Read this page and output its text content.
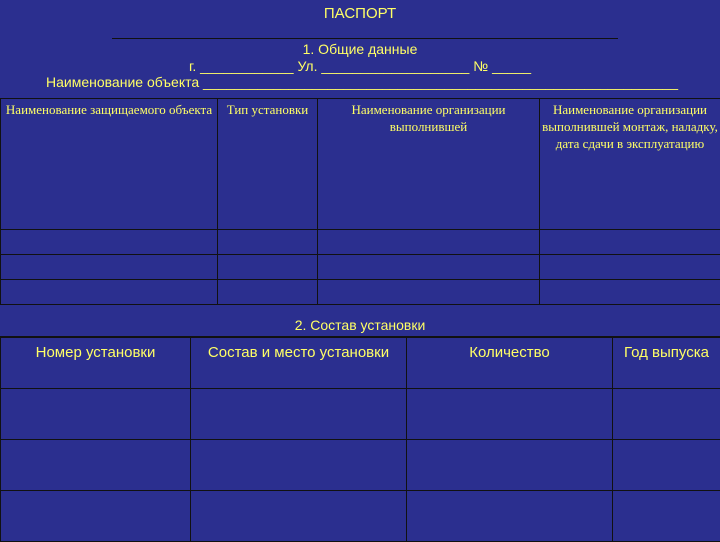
ПАСПОРТ
1. Общие данные
г. ____________ Ул. ___________________ № _____
Наименование объекта _____________________________________________________________
Наименование защищаемого объекта	Тип установки	Наименование организации выполнившей	Наименование организации выполнившей монтаж, наладку, дата сдачи в эксплуатацию

2. Состав установки
Номер установки	Состав и место установки	Количество	Год выпуска
